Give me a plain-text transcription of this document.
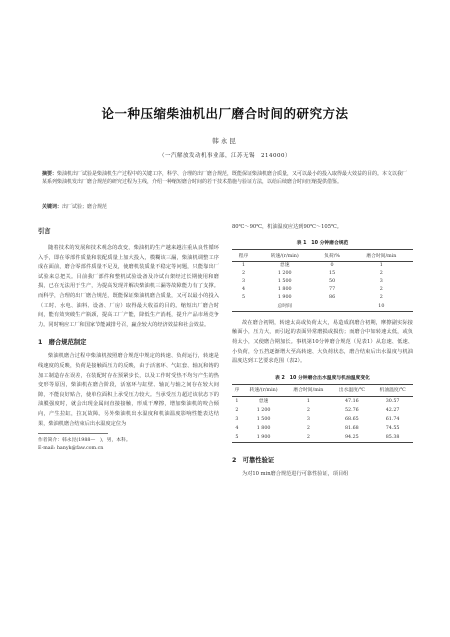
论一种压缩柴油机出厂磨合时间的研究方法
韩永昆
（一汽解放发动机事业部，江苏无锡　214000）
摘要：柴油机出厂试验是柴油机生产过程中的关键工序，科学、合理的出厂磨合规范，既能保证柴油机磨合质量，又可以最小的投入取得最大效益的目的。本文以我厂某系列柴油机发出厂磨合规范的研究过程为主线，介绍一种缩短磨合时间的若干技术措施与验证方法，以给后续磨合时间压缩提供借鉴。
关键词：出厂试验；磨合规范

引言

随着技术的发展和技术观念的改变，柴油机的生产越来越注重从良性循环入手，即在零部件质量和装配质量上加大投入，模糊该三漏，柴油机调整工序成在面前，磨合零部件质量不足及，使磨机装质量不稳定等问题，只能靠出厂试验来总把关。目前我厂部件和整机试验设备及冷试台架经过长期使用和磨损，已在无法用于生产，为提高发现并解决柴油机三漏等故障能力有了支撑。而科学，合理的出厂磨合规范，既能保证柴油机磨合质量，又可以最小的投入（工时、水电、油料、设备、厂房）取得最大收益的目的。缩短出厂磨合时间，能有效突破生产瓶颈，提高工厂产能，降低生产消耗，提升产品市场竞争力。同时响应工厂和国家节能减排号召，赢企较大的经济效益和社会效益。

1　磨合规范制定

柴油机磨合过程中柴油机按照磨合规范中规定的转速、负荷运行，转速是线速度的反映，负荷是接触面压力的反映，由于活塞环、气缸套、轴瓦和铸的加工制造存在误差，在装配时存在预紧步长，以及工作时受热不均匀产生的热变形等原因，柴油机在磨合阶段，活塞环与缸壁、轴瓦与轴之间存在较大间隙，不能良好贴合，使单位面积上承受压力较大。当承受压力超过该状态下的油膜强度时，就会出现金属间直接接触，形成干摩擦，增加柴油机的咬合倾向，产生拉缸，拉瓦故障。另外柴油机出水温度和机油温度影响性能表达结果，柴油机磨合结束后出水温度定位为

作者简介：韩永昆(1988—　)，男，本科。
E-mail: hanyk@faw.com.cn

80℃～90℃，机油温度应达到90℃～105℃。

表 1　10 分钟磨合规范
程序	转速/(r/min)	负荷/%	磨合时间/min
1	怠速	0	1
2	1 200	15	2
3	1 500	50	3
4	1 800	77	2
5	1 900	86	2
	总时间		10

故在磨合初期，转速太高或负荷太大，易造成润磨合初期，摩擦副实际接触面小，压力大，而引起的表面异常磨损或损伤；而磨合中如转速太低，或负荷太小，又使磨合期加长。事机第10分钟磨合规范（见表1）从怠速、低速、小负荷，分五挡逐渐增大至高转速、大负荷状态，磨合结束后出水温度与机油温度达到工艺要求范围（表2）。

表 2　10 分钟磨合出水温度与机油温度变化
序	转速/(r/min)	磨合时间/min	出水温度/℃	机油温度/℃
1	怠速	1	47.16	30.57
2	1 200	2	52.76	42.27
3	1 500	3	68.65	61.74
4	1 800	2	81.68	74.55
5	1 900	2	94.25	85.38

2　可靠性验证

为对10 min磨合规范进行可靠性验证，项目组
